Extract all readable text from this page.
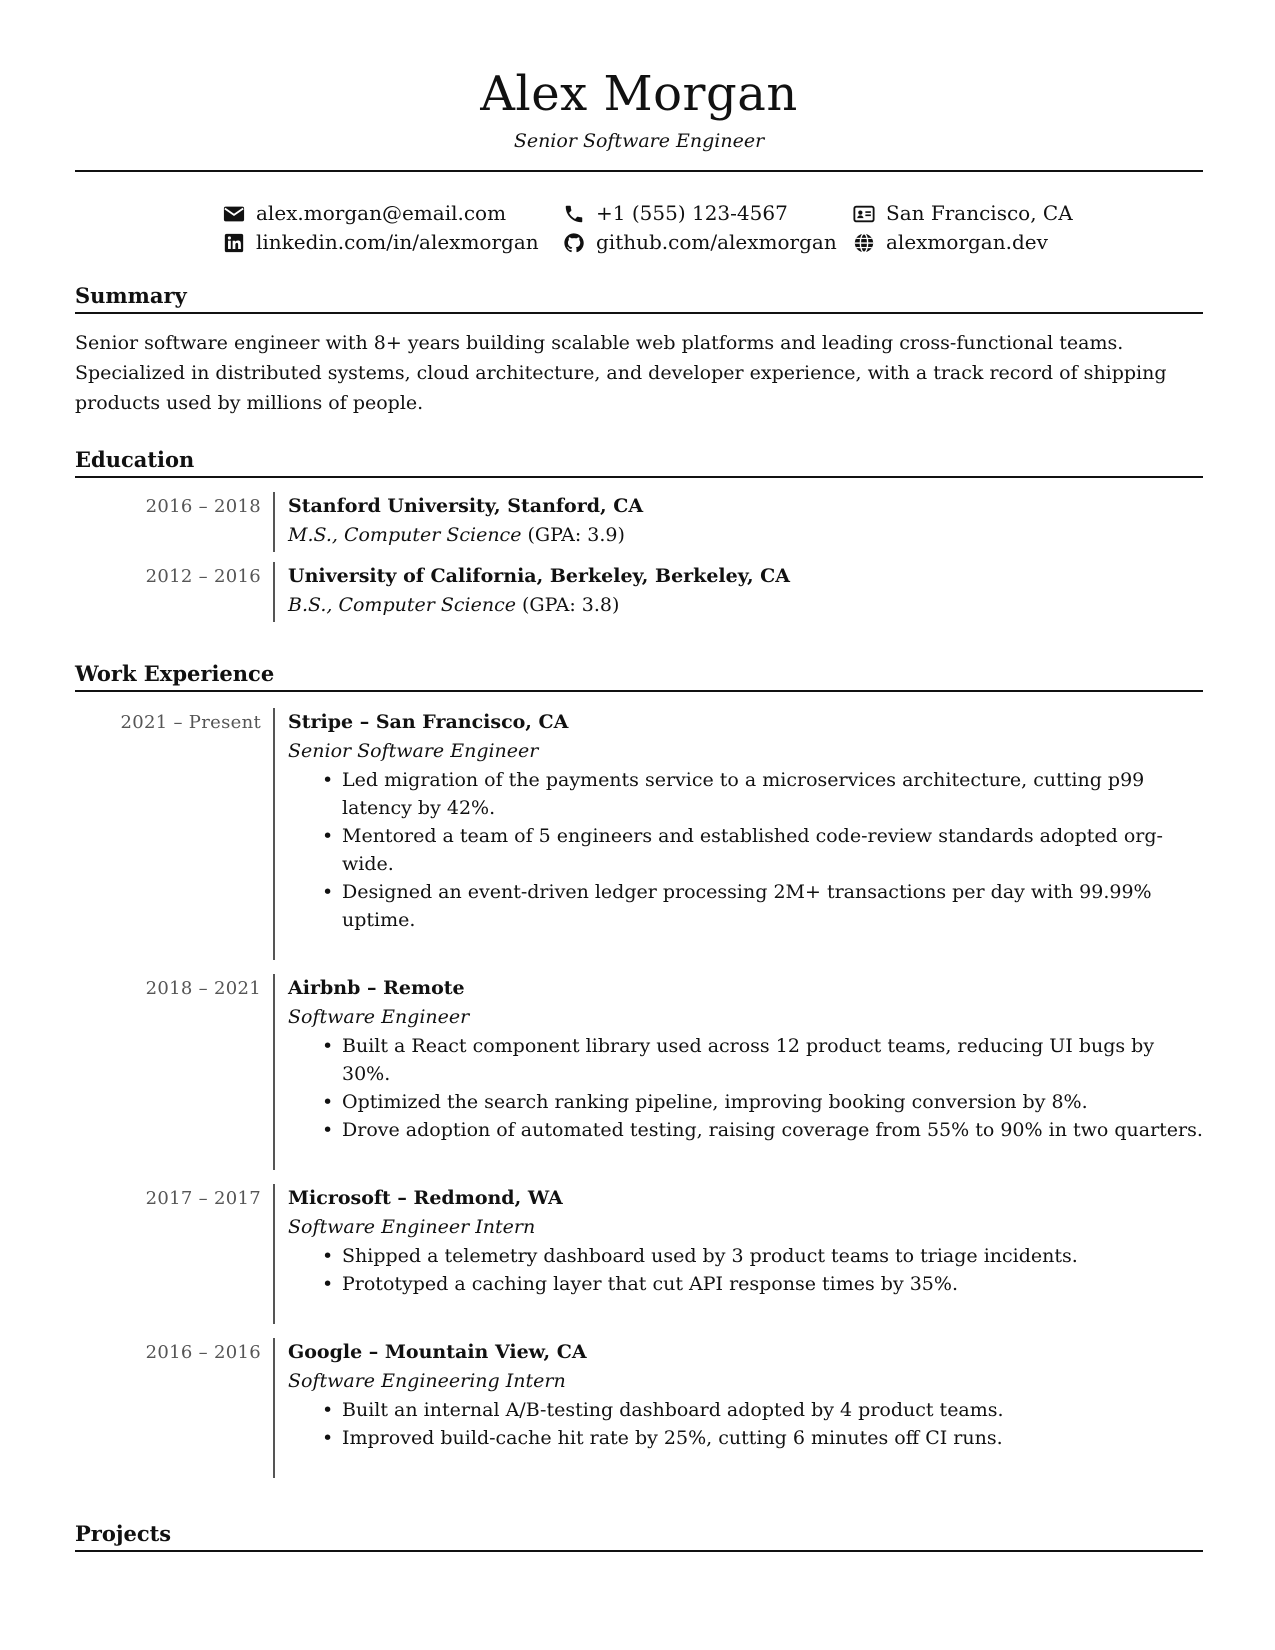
Alex Morgan
Senior Software Engineer
alex.morgan@email.com	+1 (555) 123-4567	San Francisco, CA
linkedin.com/in/alexmorgan	github.com/alexmorgan alexmorgan.dev
Summary
Senior software engineer with 8+ years building scalable web platforms and leading cross-functional teams. Specialized in distributed systems, cloud architecture, and developer experience, with a track record of shipping products used by millions of people.
Education
2016 – 2018	Stanford University, Stanford, CA
M.S., Computer Science (GPA: 3.9)
2012 – 2016	University of California, Berkeley, Berkeley, CA
B.S., Computer Science (GPA: 3.8)
Work Experience
2021 – Present	Stripe – San Francisco, CA
Senior Software Engineer
• Led migration of the payments service to a microservices architecture, cutting p99 latency by 42%.
• Mentored a team of 5 engineers and established code-review standards adopted org-wide.
• Designed an event-driven ledger processing 2M+ transactions per day with 99.99% uptime.
2018 – 2021	Airbnb – Remote
Software Engineer
• Built a React component library used across 12 product teams, reducing UI bugs by 30%.
• Optimized the search ranking pipeline, improving booking conversion by 8%.
• Drove adoption of automated testing, raising coverage from 55% to 90% in two quarters.
2017 – 2017	Microsoft – Redmond, WA
Software Engineer Intern
• Shipped a telemetry dashboard used by 3 product teams to triage incidents.
• Prototyped a caching layer that cut API response times by 35%.
2016 – 2016	Google – Mountain View, CA
Software Engineering Intern
• Built an internal A/B-testing dashboard adopted by 4 product teams.
• Improved build-cache hit rate by 25%, cutting 6 minutes off CI runs.
Projects
